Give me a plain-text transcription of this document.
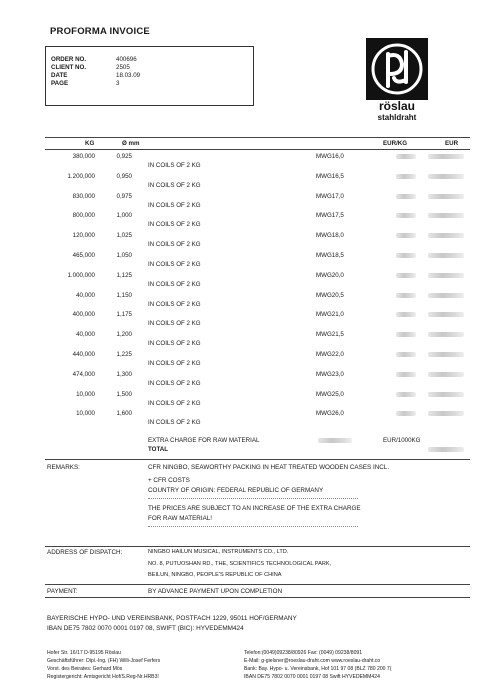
PROFORMA INVOICE
ORDER NO.	400696
CLIENT NO.	2505
DATE	18.03.09
PAGE	3
röslau
stahldraht
KG	Ø mm	EUR/KG	EUR
380,000	0,925	MWG16,0
IN COILS OF 2 KG
1.200,000	0,950	MWG16,5
IN COILS OF 2 KG
830,000	0,975	MWG17,0
IN COILS OF 2 KG
800,000	1,000	MWG17,5
IN COILS OF 2 KG
120,000	1,025	MWG18,0
IN COILS OF 2 KG
465,000	1,050	MWG18,5
IN COILS OF 2 KG
1.000,000	1,125	MWG20,0
IN COILS OF 2 KG
40,000	1,150	MWG20,5
IN COILS OF 2 KG
400,000	1,175	MWG21,0
IN COILS OF 2 KG
40,000	1,200	MWG21,5
IN COILS OF 2 KG
440,000	1,225	MWG22,0
IN COILS OF 2 KG
474,000	1,300	MWG23,0
IN COILS OF 2 KG
10,000	1,500	MWG25,0
IN COILS OF 2 KG
10,000	1,600	MWG26,0
IN COILS OF 2 KG
EXTRA CHARGE FOR RAW MATERIAL	EUR/1000KG
TOTAL
REMARKS:	CFR NINGBO, SEAWORTHY PACKING IN HEAT TREATED WOODEN CASES INCL.
+ CFR COSTS
COUNTRY OF ORIGIN: FEDERAL REPUBLIC OF GERMANY
THE PRICES ARE SUBJECT TO AN INCREASE OF THE EXTRA CHARGE
FOR RAW MATERIAL!
ADDRESS OF DISPATCH:	NINGBO HAILUN MUSICAL, INSTRUMENTS CO., LTD.
NO. 8, PUTUOSHAN RD., THE, SCIENTIFICS TECHNOLOGICAL PARK,
BEILUN, NINGBO, PEOPLE'S REPUBLIC OF CHINA
PAYMENT:	BY ADVANCE PAYMENT UPON COMPLETION
BAYERISCHE HYPO- UND VEREINSBANK, POSTFACH 1229, 95011 HOF/GERMANY
IBAN DE75 7802 0070 0001 0197 08, SWIFT (BIC): HYVEDEMM424
Hofer Str. 16/17 D-95195 Röslau
Geschäftsführer: Dipl.-Ing. (FH) Willi-Josef Ferfers
Vorst. des Beirates: Gerhard Mös
Registergericht: Amtsgericht Hof/S.Reg-Nr.HRB3!
Telefon:(0049)09238/80926 Fax: (0049) 09238/8091
E-Mail: g-gielsner@roeslau-draht.com www.roeslau-draht.co
Bank: Bay. Hypo- u. Vereinsbank, Hof 101 97 08 (BLZ 780 200 7(
IBAN DE75 7802 0070 0001 0197 08 Swift HYVEDEMM424
